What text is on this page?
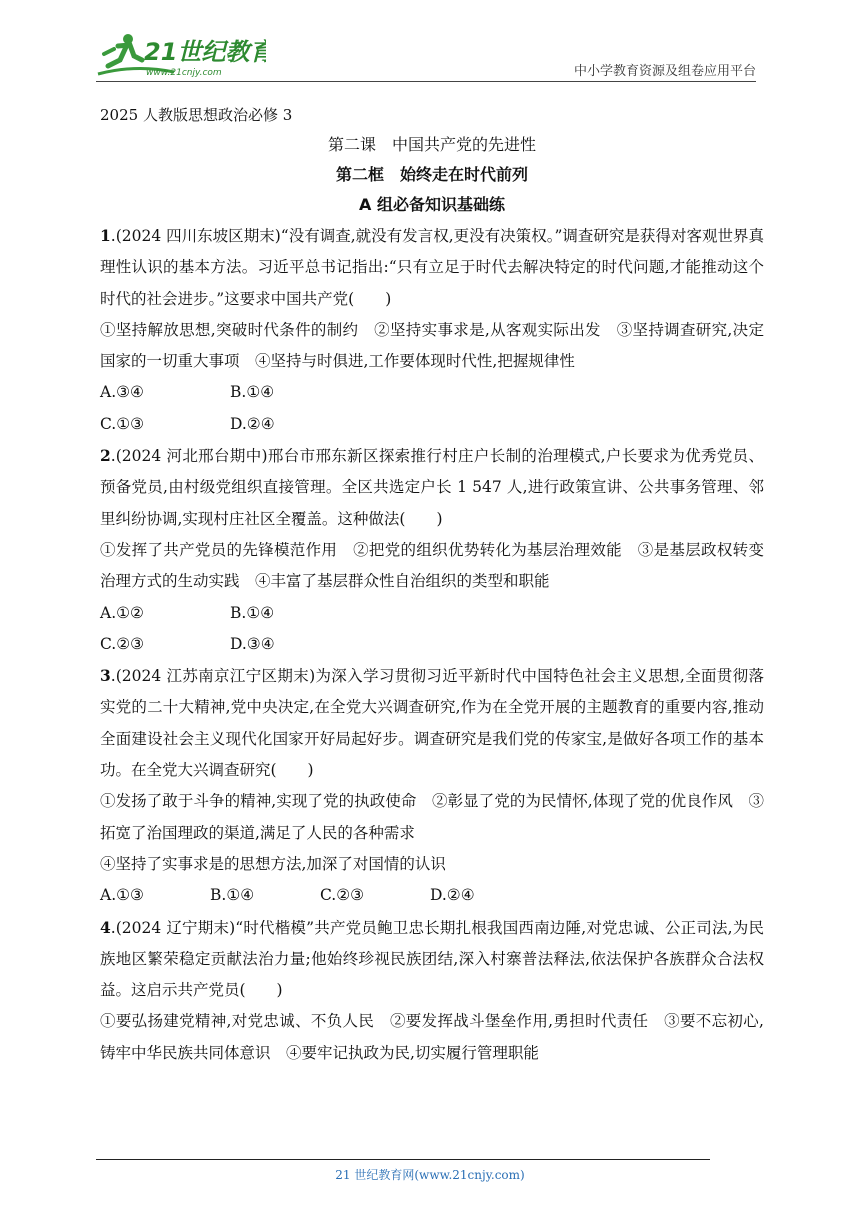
21世纪教育
www.21cnjy.com	中小学教育资源及组卷应用平台

2025 人教版思想政治必修 3

第二课　中国共产党的先进性

第二框　始终走在时代前列

A 组必备知识基础练

1.(2024 四川东坡区期末)“没有调查,就没有发言权,更没有决策权。”调查研究是获得对客观世界真理性认识的基本方法。习近平总书记指出:“只有立足于时代去解决特定的时代问题,才能推动这个时代的社会进步。”这要求中国共产党(　　)

①坚持解放思想,突破时代条件的制约　②坚持实事求是,从客观实际出发　③坚持调查研究,决定国家的一切重大事项　④坚持与时俱进,工作要体现时代性,把握规律性

A.③④	B.①④
C.①③	D.②④

2.(2024 河北邢台期中)邢台市邢东新区探索推行村庄户长制的治理模式,户长要求为优秀党员、预备党员,由村级党组织直接管理。全区共选定户长 1 547 人,进行政策宣讲、公共事务管理、邻里纠纷协调,实现村庄社区全覆盖。这种做法(　　)

①发挥了共产党员的先锋模范作用　②把党的组织优势转化为基层治理效能　③是基层政权转变治理方式的生动实践　④丰富了基层群众性自治组织的类型和职能

A.①②	B.①④
C.②③	D.③④

3.(2024 江苏南京江宁区期末)为深入学习贯彻习近平新时代中国特色社会主义思想,全面贯彻落实党的二十大精神,党中央决定,在全党大兴调查研究,作为在全党开展的主题教育的重要内容,推动全面建设社会主义现代化国家开好局起好步。调查研究是我们党的传家宝,是做好各项工作的基本功。在全党大兴调查研究(　　)

①发扬了敢于斗争的精神,实现了党的执政使命　②彰显了党的为民情怀,体现了党的优良作风　③拓宽了治国理政的渠道,满足了人民的各种需求

④坚持了实事求是的思想方法,加深了对国情的认识

A.①③	B.①④	C.②③	D.②④

4.(2024 辽宁期末)“时代楷模”共产党员鲍卫忠长期扎根我国西南边陲,对党忠诚、公正司法,为民族地区繁荣稳定贡献法治力量;他始终珍视民族团结,深入村寨普法释法,依法保护各族群众合法权益。这启示共产党员(　　)

①要弘扬建党精神,对党忠诚、不负人民　②要发挥战斗堡垒作用,勇担时代责任　③要不忘初心,铸牢中华民族共同体意识　④要牢记执政为民,切实履行管理职能

21 世纪教育网(www.21cnjy.com)
